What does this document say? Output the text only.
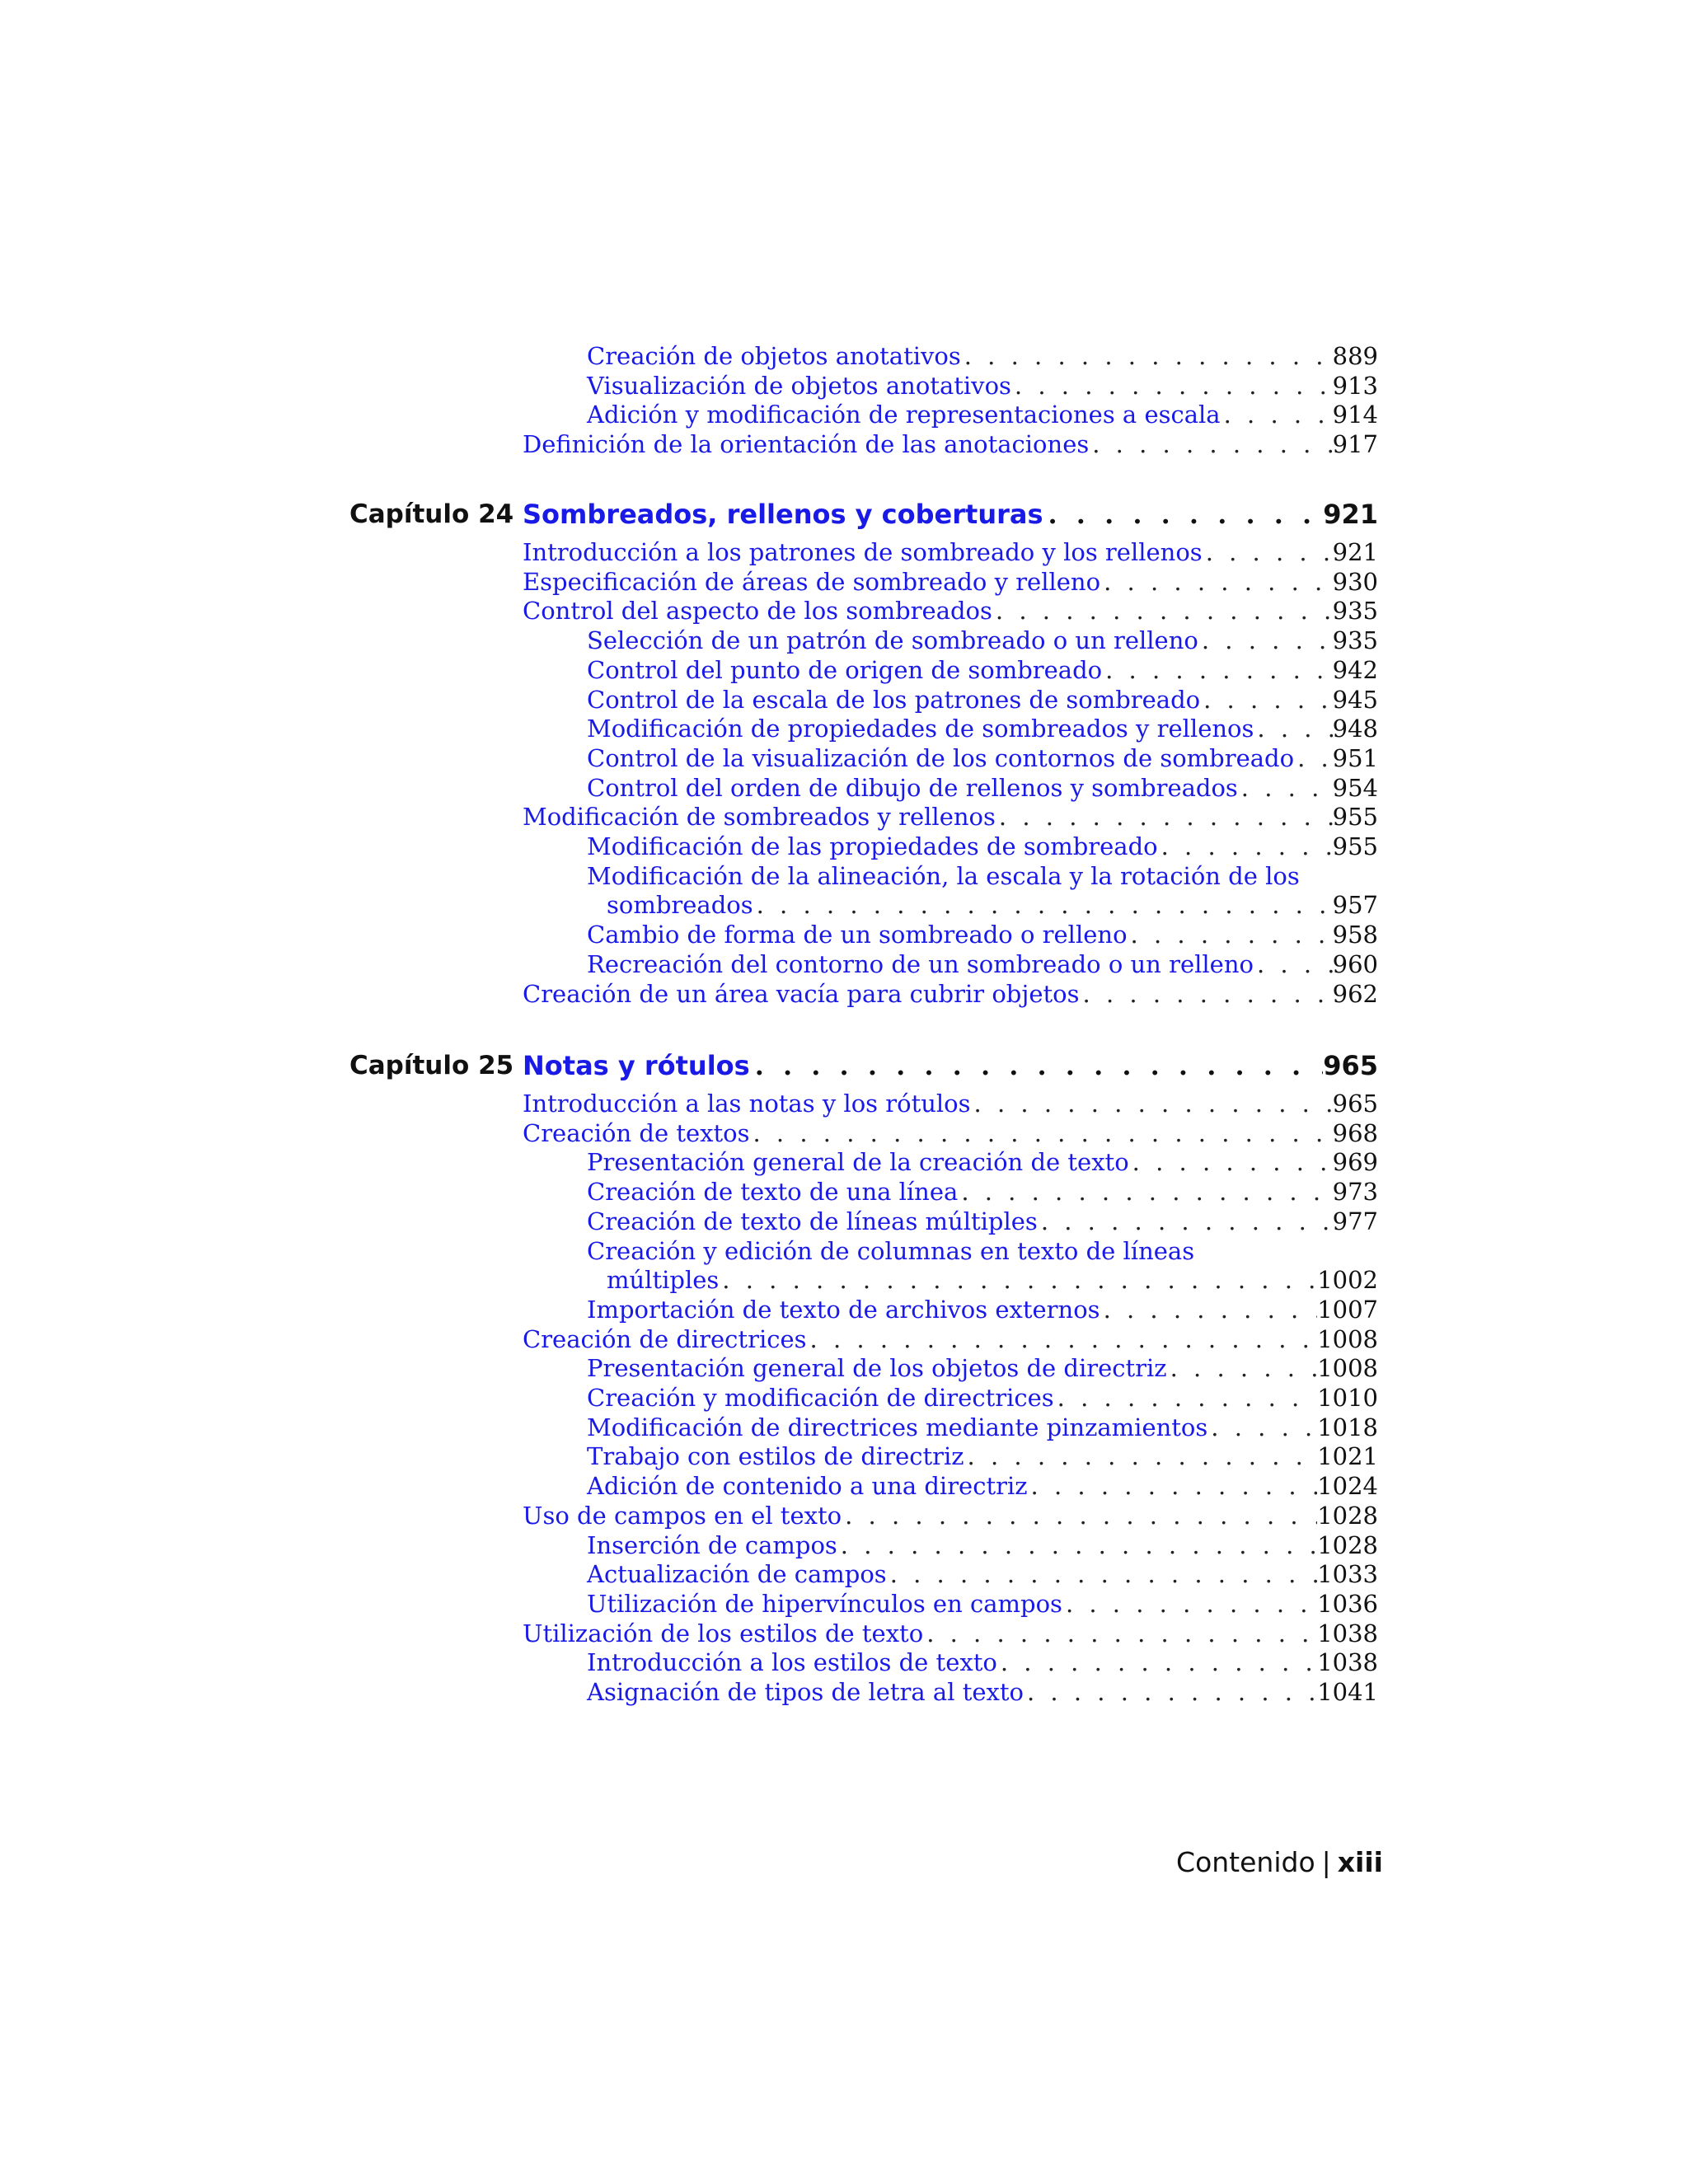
Creación de objetos anotativos . . .	889
Visualización de objetos anotativos . . .	913
Adición y modificación de representaciones a escala . . .	914
Definición de la orientación de las anotaciones . . .	917
Capítulo 24 Sombreados, rellenos y coberturas . . .	921
Introducción a los patrones de sombreado y los rellenos . . .	921
Especificación de áreas de sombreado y relleno . . .	930
Control del aspecto de los sombreados . . .	935
Selección de un patrón de sombreado o un relleno . . .	935
Control del punto de origen de sombreado . . .	942
Control de la escala de los patrones de sombreado . . .	945
Modificación de propiedades de sombreados y rellenos . . .	948
Control de la visualización de los contornos de sombreado . . . 951
Control del orden de dibujo de rellenos y sombreados . . .	954
Modificación de sombreados y rellenos . . .	955
Modificación de las propiedades de sombreado . . .	955
Modificación de la alineación, la escala y la rotación de los
sombreados . . .	957
Cambio de forma de un sombreado o relleno . . .	958
Recreación del contorno de un sombreado o un relleno . . .	960
Creación de un área vacía para cubrir objetos . . .	962
Capítulo 25 Notas y rótulos . . .	965
Introducción a las notas y los rótulos . . .	965
Creación de textos . . .	968
Presentación general de la creación de texto . . .	969
Creación de texto de una línea . . .	973
Creación de texto de líneas múltiples . . .	977
Creación y edición de columnas en texto de líneas
múltiples . . .	1002
Importación de texto de archivos externos . . .	1007
Creación de directrices . . .	1008
Presentación general de los objetos de directriz . . .	1008
Creación y modificación de directrices . . .	1010
Modificación de directrices mediante pinzamientos . . .	1018
Trabajo con estilos de directriz . . .	1021
Adición de contenido a una directriz . . .	1024
Uso de campos en el texto . . .	1028
Inserción de campos . . .	1028
Actualización de campos . . .	1033
Utilización de hipervínculos en campos . . .	1036
Utilización de los estilos de texto . . .	1038
Introducción a los estilos de texto . . .	1038
Asignación de tipos de letra al texto . . .	1041
Contenido | xiii
